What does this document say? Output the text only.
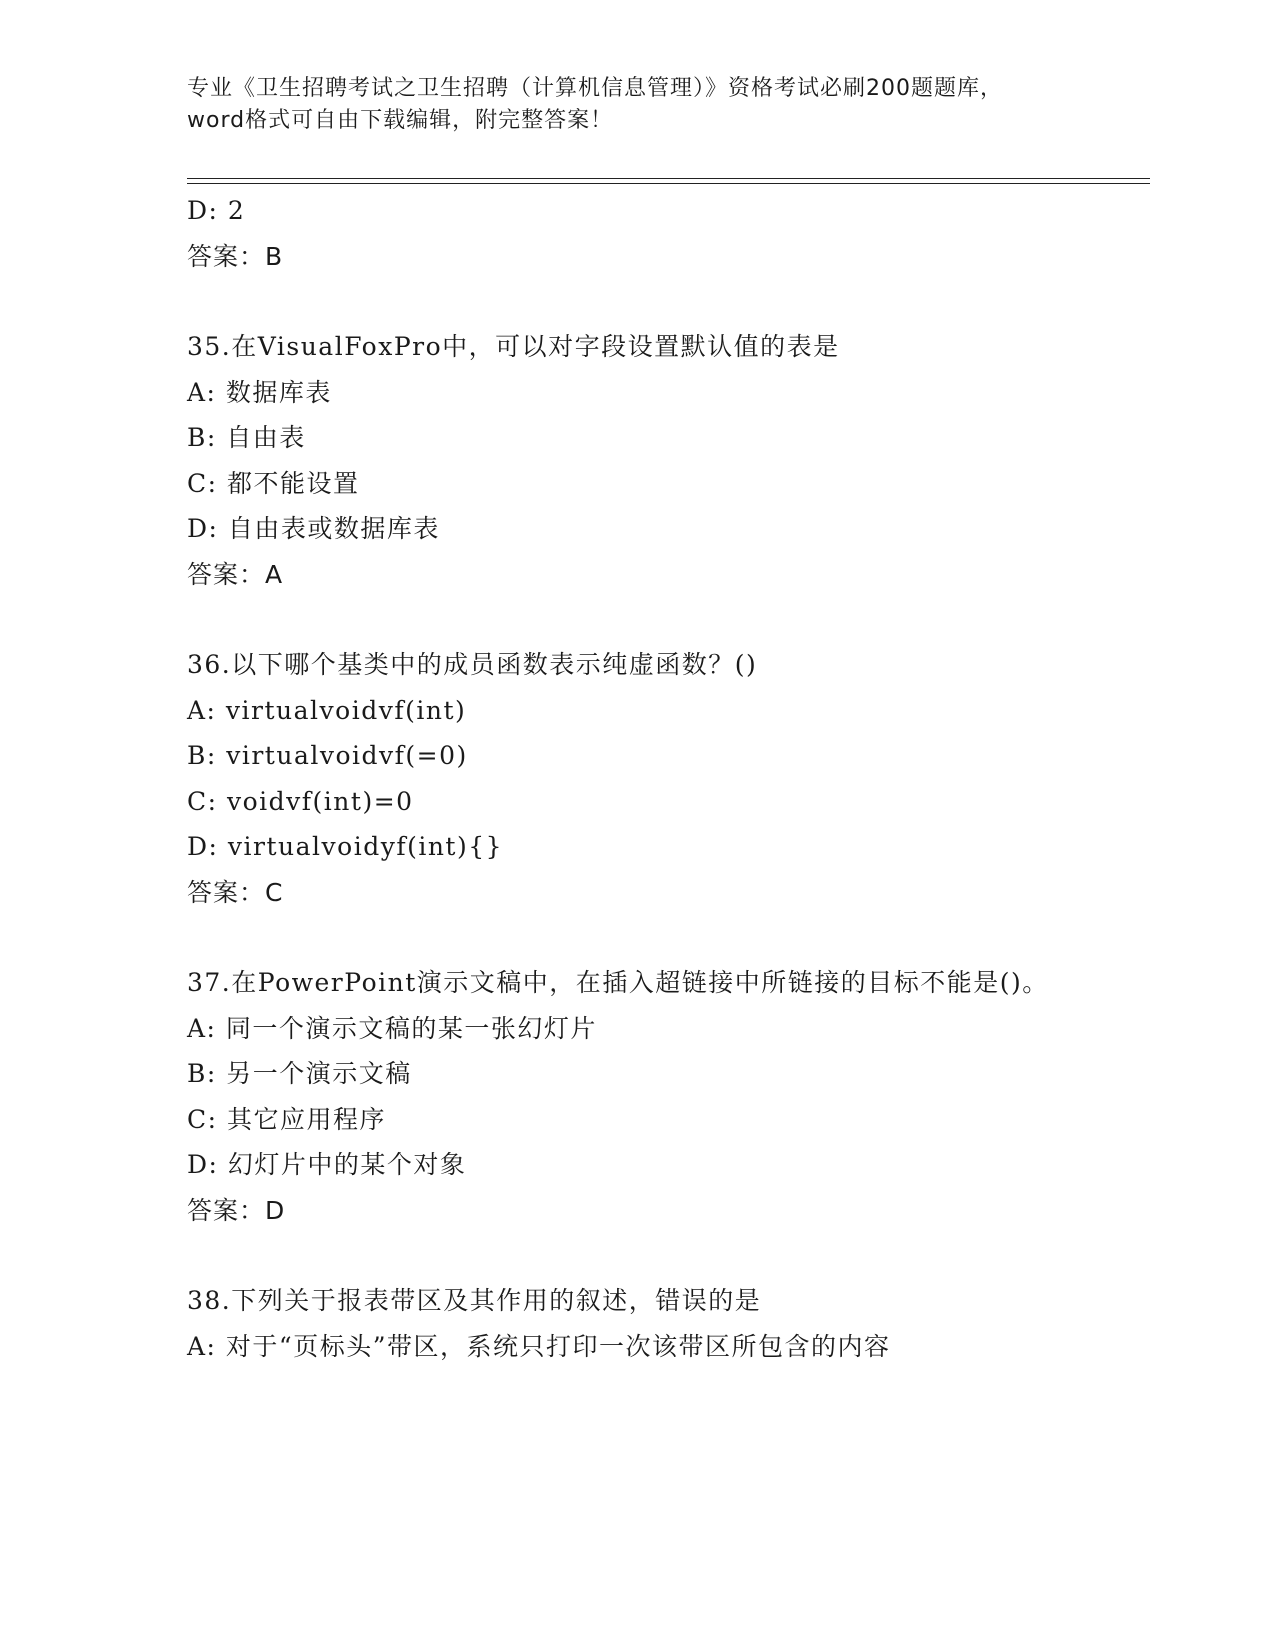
专业《卫生招聘考试之卫生招聘（计算机信息管理）》资格考试必刷200题题库，
word格式可自由下载编辑，附完整答案！
D: 2
答案：B
35.在VisualFoxPro中，可以对字段设置默认值的表是
A: 数据库表
B: 自由表
C: 都不能设置
D: 自由表或数据库表
答案：A
36.以下哪个基类中的成员函数表示纯虚函数？()
A: virtualvoidvf(int)
B: virtualvoidvf(=0)
C: voidvf(int)=0
D: virtualvoidyf(int){}
答案：C
37.在PowerPoint演示文稿中，在插入超链接中所链接的目标不能是()。
A: 同一个演示文稿的某一张幻灯片
B: 另一个演示文稿
C: 其它应用程序
D: 幻灯片中的某个对象
答案：D
38.下列关于报表带区及其作用的叙述，错误的是
A: 对于“页标头”带区，系统只打印一次该带区所包含的内容
